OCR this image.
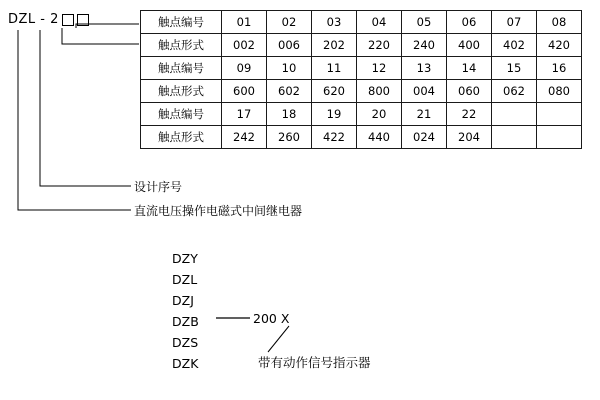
DZL - 2	触点编号	01	02	03	04	05	06	07	08
触点形式	002	006	202	220	240	400	402	420
触点编号	09	10	11	12	13	14	15	16
触点形式	600	602	620	800	004	060	062	080
触点编号	17	18	19	20	21	22		
触点形式	242	260	422	440	024	204		
设计序号
直流电压操作电磁式中间继电器
DZY
DZL
DZJ
DZB
DZS
DZK
200 X
带有动作信号指示器
